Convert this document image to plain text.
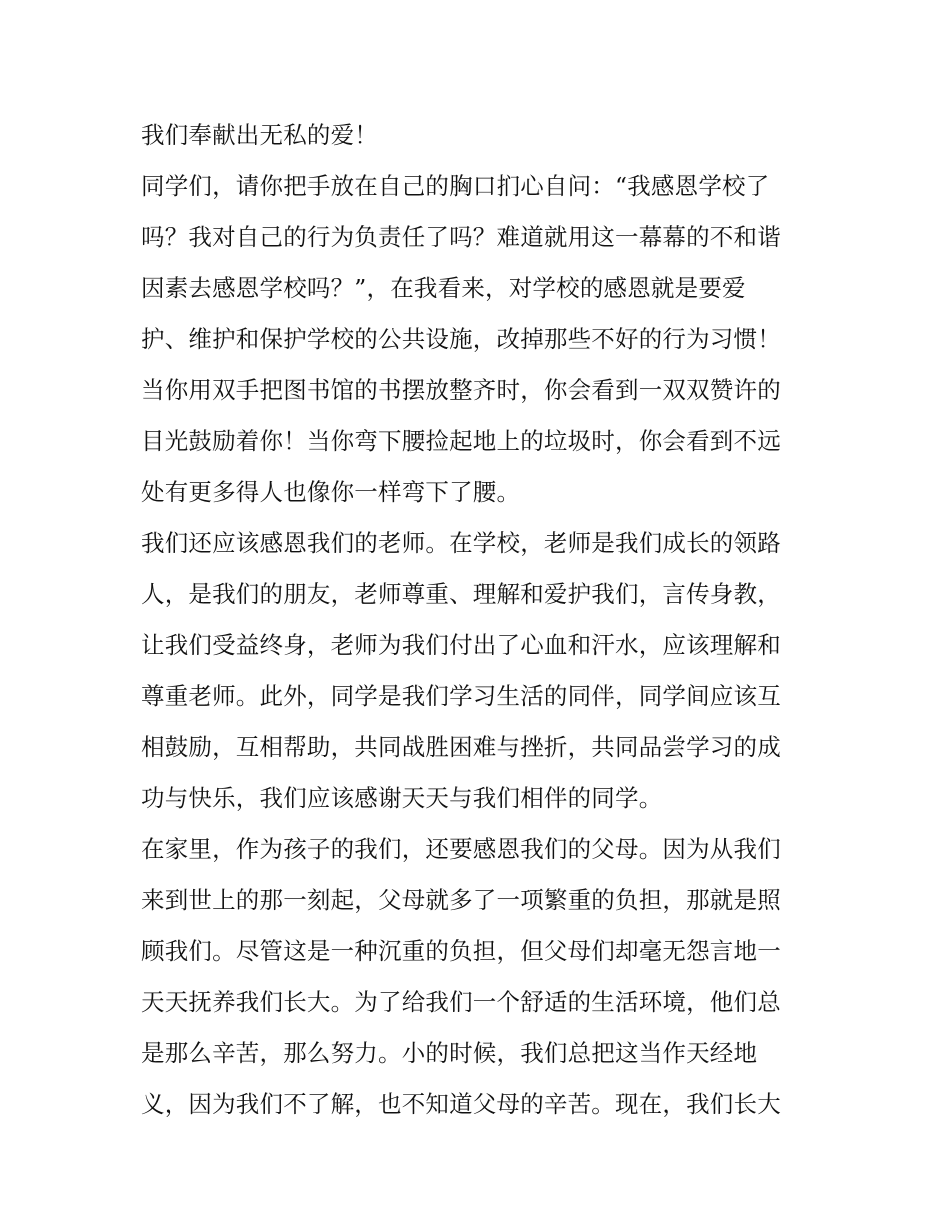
我们奉献出无私的爱！
同学们，请你把手放在自己的胸口扪心自问：“我感恩学校了
吗？我对自己的行为负责任了吗？难道就用这一幕幕的不和谐
因素去感恩学校吗？”，在我看来，对学校的感恩就是要爱
护、维护和保护学校的公共设施，改掉那些不好的行为习惯！
当你用双手把图书馆的书摆放整齐时，你会看到一双双赞许的
目光鼓励着你！当你弯下腰捡起地上的垃圾时，你会看到不远
处有更多得人也像你一样弯下了腰。
我们还应该感恩我们的老师。在学校，老师是我们成长的领路
人，是我们的朋友，老师尊重、理解和爱护我们，言传身教，
让我们受益终身，老师为我们付出了心血和汗水，应该理解和
尊重老师。此外，同学是我们学习生活的同伴，同学间应该互
相鼓励，互相帮助，共同战胜困难与挫折，共同品尝学习的成
功与快乐，我们应该感谢天天与我们相伴的同学。
在家里，作为孩子的我们，还要感恩我们的父母。因为从我们
来到世上的那一刻起，父母就多了一项繁重的负担，那就是照
顾我们。尽管这是一种沉重的负担，但父母们却毫无怨言地一
天天抚养我们长大。为了给我们一个舒适的生活环境，他们总
是那么辛苦，那么努力。小的时候，我们总把这当作天经地
义，因为我们不了解，也不知道父母的辛苦。现在，我们长大
